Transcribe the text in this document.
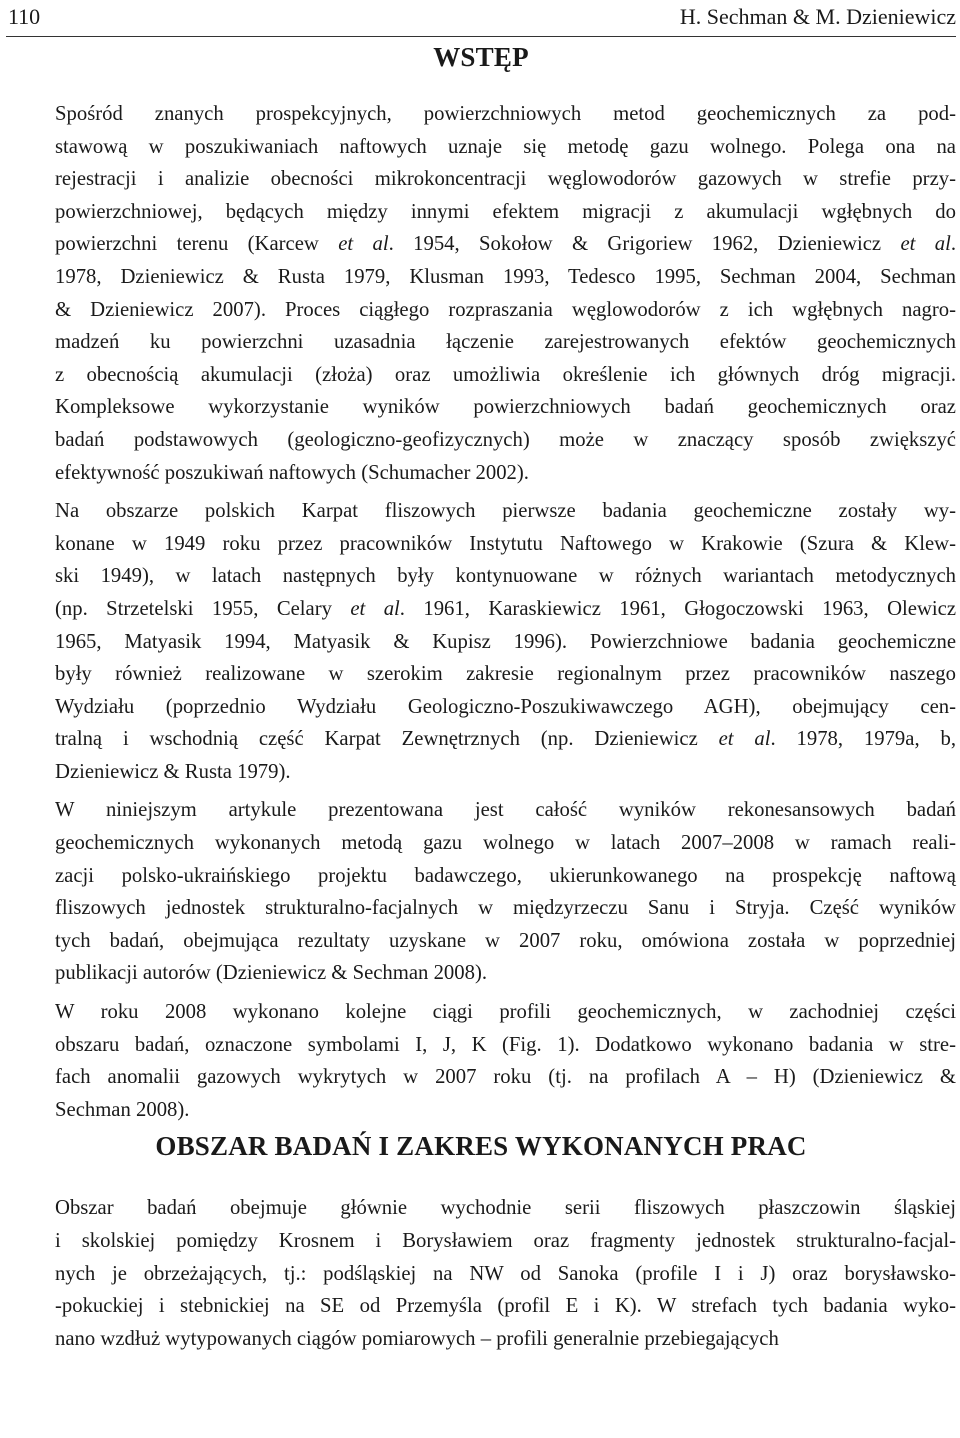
110	H. Sechman & M. Dzieniewicz
WSTĘP

Spośród znanych prospekcyjnych, powierzchniowych metod geochemicznych za pod-
stawową w poszukiwaniach naftowych uznaje się metodę gazu wolnego. Polega ona na
rejestracji i analizie obecności mikrokoncentracji węglowodorów gazowych w strefie przy-
powierzchniowej, będących między innymi efektem migracji z akumulacji wgłębnych do
powierzchni terenu (Karcew et al. 1954, Sokołow & Grigoriew 1962, Dzieniewicz et al.
1978, Dzieniewicz & Rusta 1979, Klusman 1993, Tedesco 1995, Sechman 2004, Sechman
& Dzieniewicz 2007). Proces ciągłego rozpraszania węglowodorów z ich wgłębnych nagro-
madzeń ku powierzchni uzasadnia łączenie zarejestrowanych efektów geochemicznych
z obecnością akumulacji (złoża) oraz umożliwia określenie ich głównych dróg migracji.
Kompleksowe wykorzystanie wyników powierzchniowych badań geochemicznych oraz
badań podstawowych (geologiczno-geofizycznych) może w znaczący sposób zwiększyć
efektywność poszukiwań naftowych (Schumacher 2002).

Na obszarze polskich Karpat fliszowych pierwsze badania geochemiczne zostały wy-
konane w 1949 roku przez pracowników Instytutu Naftowego w Krakowie (Szura & Klew-
ski 1949), w latach następnych były kontynuowane w różnych wariantach metodycznych
(np. Strzetelski 1955, Celary et al. 1961, Karaskiewicz 1961, Głogoczowski 1963, Olewicz
1965, Matyasik 1994, Matyasik & Kupisz 1996). Powierzchniowe badania geochemiczne
były również realizowane w szerokim zakresie regionalnym przez pracowników naszego
Wydziału (poprzednio Wydziału Geologiczno-Poszukiwawczego AGH), obejmujący cen-
tralną i wschodnią część Karpat Zewnętrznych (np. Dzieniewicz et al. 1978, 1979a, b,
Dzieniewicz & Rusta 1979).

W niniejszym artykule prezentowana jest całość wyników rekonesansowych badań
geochemicznych wykonanych metodą gazu wolnego w latach 2007–2008 w ramach reali-
zacji polsko-ukraińskiego projektu badawczego, ukierunkowanego na prospekcję naftową
fliszowych jednostek strukturalno-facjalnych w międzyrzeczu Sanu i Stryja. Część wyników
tych badań, obejmująca rezultaty uzyskane w 2007 roku, omówiona została w poprzedniej
publikacji autorów (Dzieniewicz & Sechman 2008).

W roku 2008 wykonano kolejne ciągi profili geochemicznych, w zachodniej części
obszaru badań, oznaczone symbolami I, J, K (Fig. 1). Dodatkowo wykonano badania w stre-
fach anomalii gazowych wykrytych w 2007 roku (tj. na profilach A – H) (Dzieniewicz &
Sechman 2008).

OBSZAR BADAŃ I ZAKRES WYKONANYCH PRAC

Obszar badań obejmuje głównie wychodnie serii fliszowych płaszczowin śląskiej
i skolskiej pomiędzy Krosnem i Borysławiem oraz fragmenty jednostek strukturalno-facjal-
nych je obrzeżających, tj.: podśląskiej na NW od Sanoka (profile I i J) oraz borysławsko-
-pokuckiej i stebnickiej na SE od Przemyśla (profil E i K). W strefach tych badania wyko-
nano wzdłuż wytypowanych ciągów pomiarowych – profili generalnie przebiegających
